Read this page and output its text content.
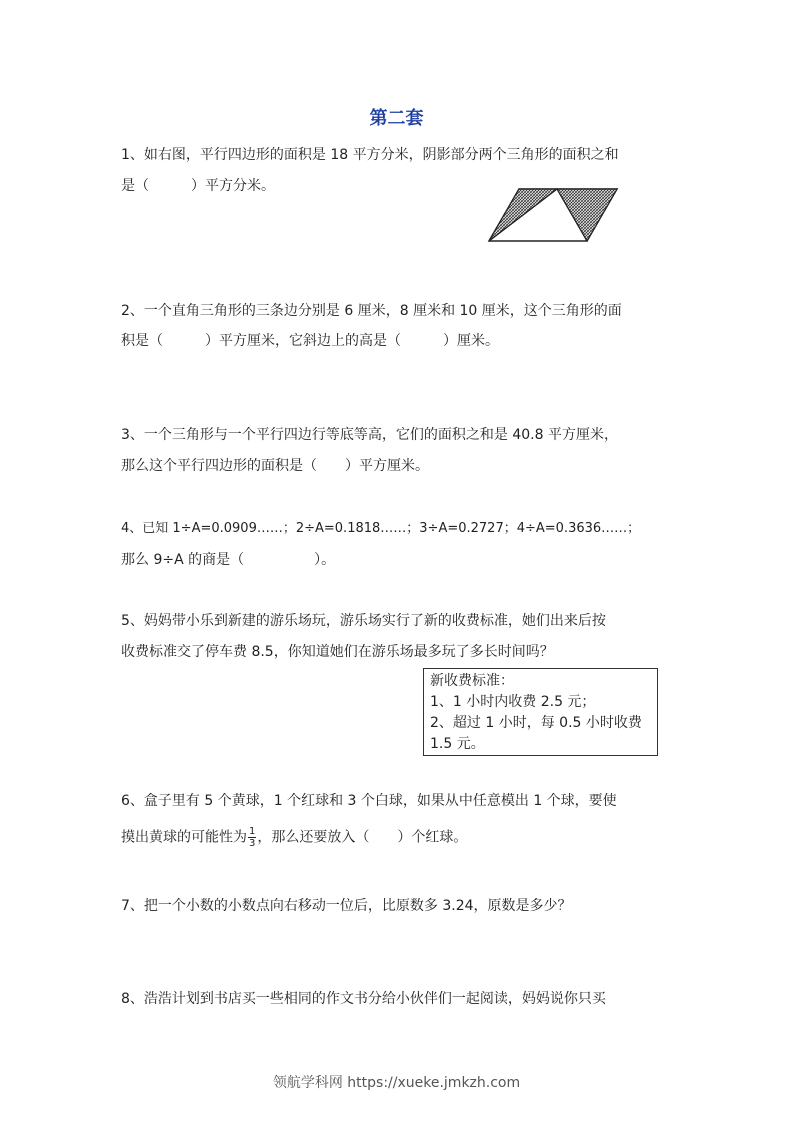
第二套
1、如右图，平行四边形的面积是 18 平方分米，阴影部分两个三角形的面积之和
是（　　　）平方分米。
2、一个直角三角形的三条边分别是 6 厘米，8 厘米和 10 厘米，这个三角形的面
积是（　　　）平方厘米，它斜边上的高是（　　　）厘米。
3、一个三角形与一个平行四边行等底等高，它们的面积之和是 40.8 平方厘米，
那么这个平行四边形的面积是（　　）平方厘米。
4、已知 1÷A=0.0909……；2÷A=0.1818……；3÷A=0.2727；4÷A=0.3636……；
那么 9÷A 的商是（　　　　　）。
5、妈妈带小乐到新建的游乐场玩，游乐场实行了新的收费标准，她们出来后按
收费标准交了停车费 8.5，你知道她们在游乐场最多玩了多长时间吗？
新收费标准：
1、1 小时内收费 2.5 元；
2、超过 1 小时，每 0.5 小时收费
1.5 元。
6、盒子里有 5 个黄球，1 个红球和 3 个白球，如果从中任意模出 1 个球，要使
摸出黄球的可能性为 $\frac{1}{3}$ ，那么还要放入（　　）个红球。
7、把一个小数的小数点向右移动一位后，比原数多 3.24，原数是多少？
8、浩浩计划到书店买一些相同的作文书分给小伙伴们一起阅读，妈妈说你只买
领航学科网 https://xueke.jmkzh.com
